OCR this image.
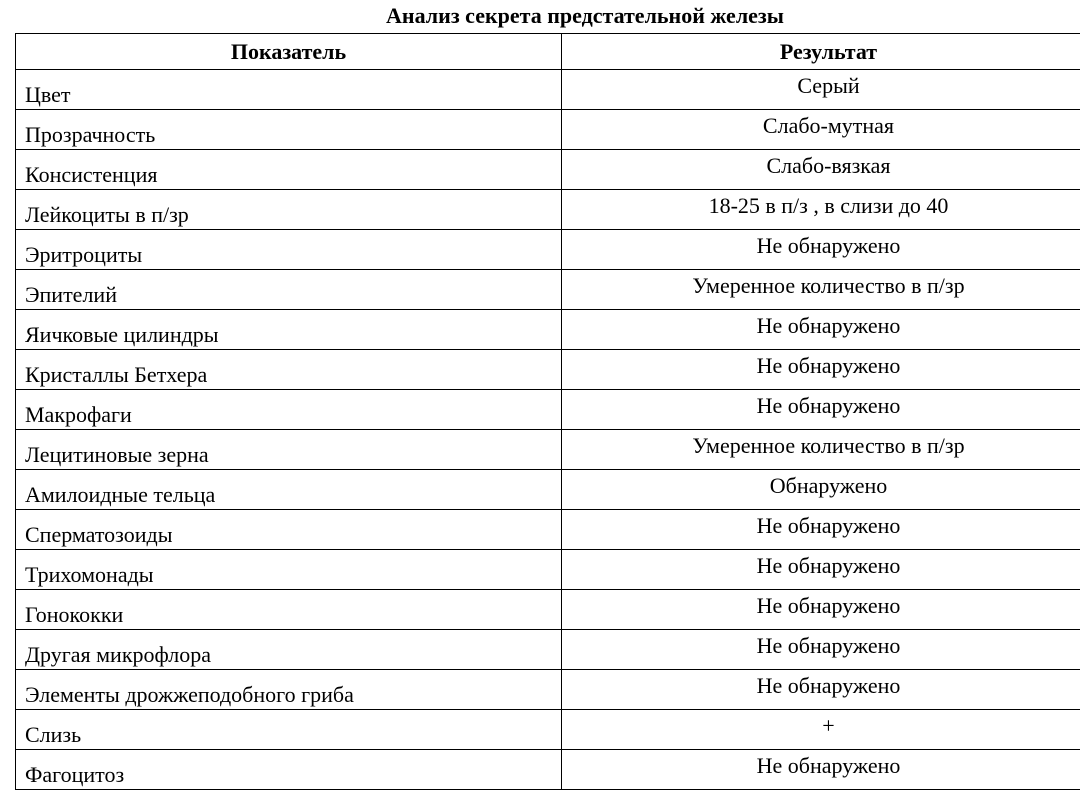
Анализ секрета предстательной железы
Показатель	Результат
Цвет	Серый
Прозрачность	Слабо-мутная
Консистенция	Слабо-вязкая
Лейкоциты в п/зр	18-25 в п/з , в слизи до 40
Эритроциты	Не обнаружено
Эпителий	Умеренное количество в п/зр
Яичковые цилиндры	Не обнаружено
Кристаллы Бетхера	Не обнаружено
Макрофаги	Не обнаружено
Лецитиновые зерна	Умеренное количество в п/зр
Амилоидные тельца	Обнаружено
Сперматозоиды	Не обнаружено
Трихомонады	Не обнаружено
Гонококки	Не обнаружено
Другая микрофлора	Не обнаружено
Элементы дрожжеподобного гриба	Не обнаружено
Слизь	+
Фагоцитоз	Не обнаружено
